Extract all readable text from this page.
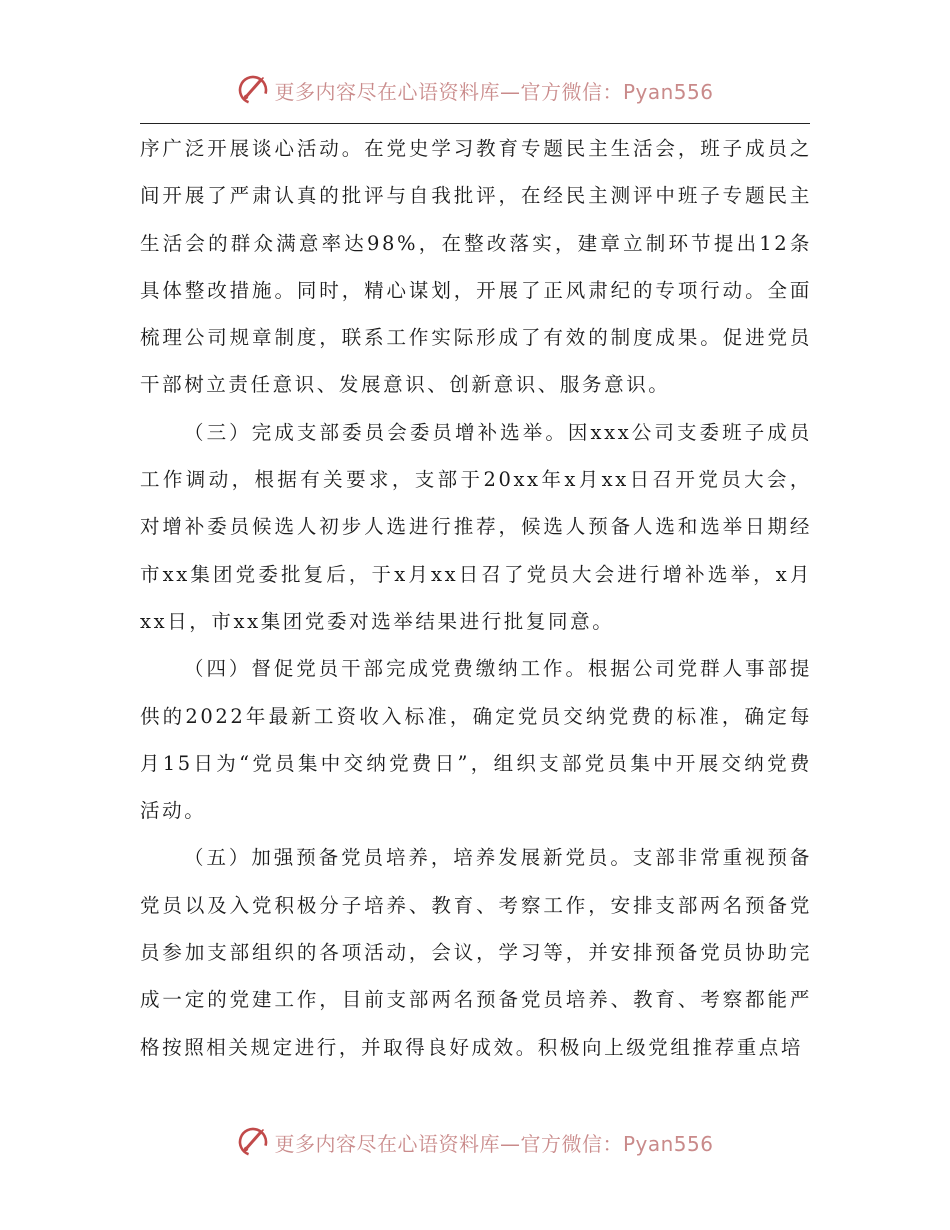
更多内容尽在心语资料库—官方微信：Pyan556

序广泛开展谈心活动。在党史学习教育专题民主生活会，班子成员之间开展了严肃认真的批评与自我批评，在经民主测评中班子专题民主生活会的群众满意率达98%，在整改落实，建章立制环节提出12条具体整改措施。同时，精心谋划，开展了正风肃纪的专项行动。全面梳理公司规章制度，联系工作实际形成了有效的制度成果。促进党员干部树立责任意识、发展意识、创新意识、服务意识。

（三）完成支部委员会委员增补选举。因xxx公司支委班子成员工作调动，根据有关要求，支部于20xx年x月xx日召开党员大会，对增补委员候选人初步人选进行推荐，候选人预备人选和选举日期经市xx集团党委批复后，于x月xx日召了党员大会进行增补选举，x月xx日，市xx集团党委对选举结果进行批复同意。

（四）督促党员干部完成党费缴纳工作。根据公司党群人事部提供的2022年最新工资收入标准，确定党员交纳党费的标准，确定每月15日为“党员集中交纳党费日”，组织支部党员集中开展交纳党费活动。

（五）加强预备党员培养，培养发展新党员。支部非常重视预备党员以及入党积极分子培养、教育、考察工作，安排支部两名预备党员参加支部组织的各项活动，会议，学习等，并安排预备党员协助完成一定的党建工作，目前支部两名预备党员培养、教育、考察都能严格按照相关规定进行，并取得良好成效。积极向上级党组推荐重点培

更多内容尽在心语资料库—官方微信：Pyan556
